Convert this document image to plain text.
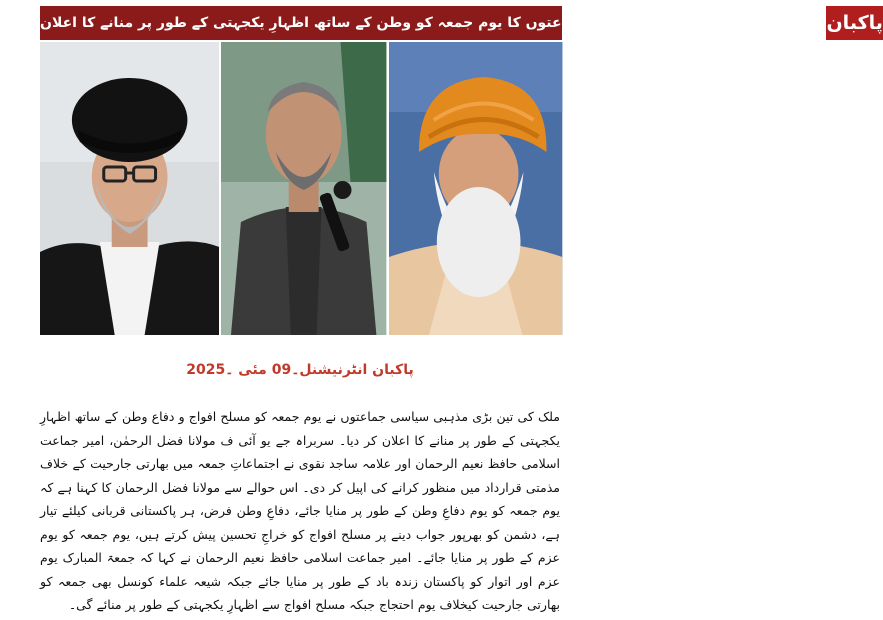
ملک کی تین بڑی مذہبی سیاسی جماعتوں کا یوم جمعہ کو وطن کے ساتھ اظہارِ یکجہتی کے طور پر منانے کا اعلان پاکبان
پاکبان انٹرنیشنل۔09 مئی ۔2025

ملک کی تین بڑی مذہبی سیاسی جماعتوں نے یوم جمعہ کو مسلح افواج و دفاع وطن کے ساتھ اظہارِ یکجہتی کے طور پر منانے کا اعلان کر دیا۔ سربراہ جے یو آئی ف مولانا فضل الرحمٰن، امیر جماعت اسلامی حافظ نعیم الرحمان اور علامہ ساجد نقوی نے اجتماعاتِ جمعہ میں بھارتی جارحیت کے خلاف مذمتی قرارداد میں منظور کرانے کی اپیل کر دی۔ اس حوالے سے مولانا فضل الرحمان کا کہنا ہے کہ یوم جمعہ کو یوم دفاعِ وطن کے طور پر منایا جائے، دفاعِ وطن فرض، ہر پاکستانی قربانی کیلئے تیار ہے، دشمن کو بھرپور جواب دینے پر مسلح افواج کو خراجِ تحسین پیش کرتے ہیں، یوم جمعہ کو یوم عزم کے طور پر منایا جائے۔ امیر جماعت اسلامی حافظ نعیم الرحمان نے کہا کہ جمعۃ المبارک یوم عزم اور اتوار کو پاکستان زندہ باد کے طور پر منایا جائے جبکہ شیعہ علماء کونسل بھی جمعہ کو بھارتی جارحیت کیخلاف یوم احتجاج جبکہ مسلح افواج سے اظہارِ یکجہتی کے طور پر منائے گی۔
